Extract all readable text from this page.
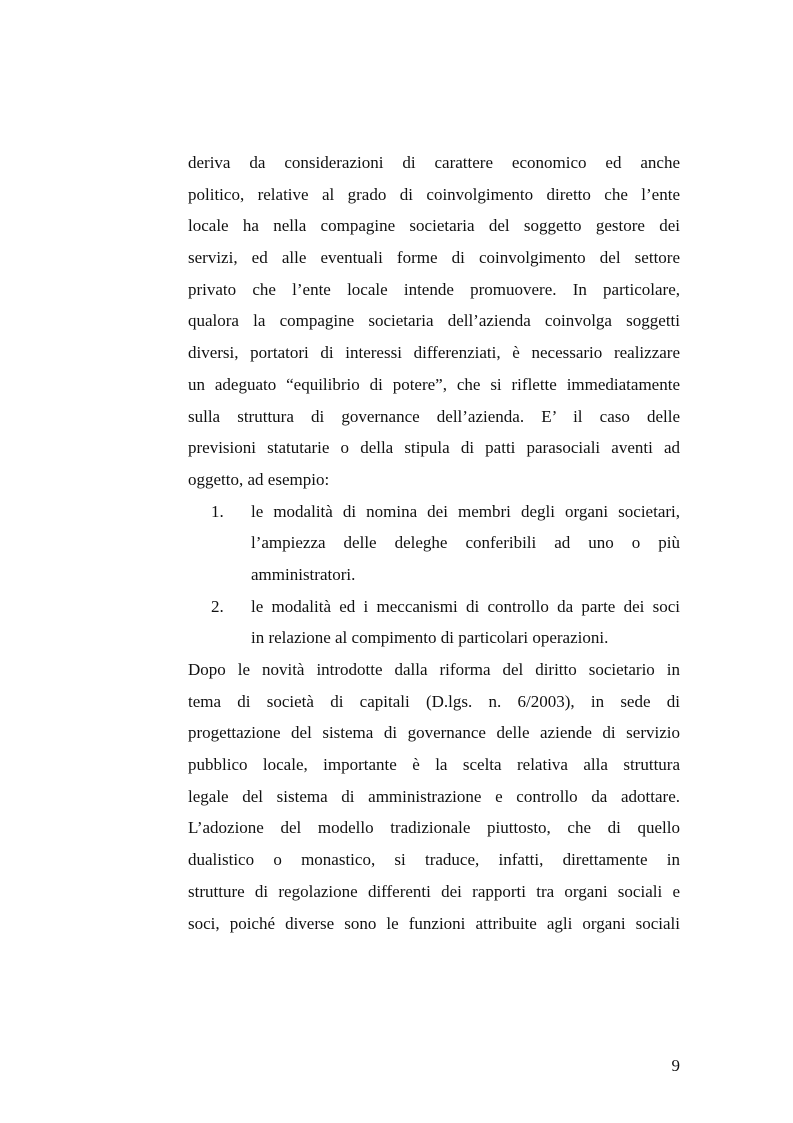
deriva da considerazioni di carattere economico ed anche
politico, relative al grado di coinvolgimento diretto che l’ente
locale ha nella compagine societaria del soggetto gestore dei
servizi, ed alle eventuali forme di coinvolgimento del settore
privato che l’ente locale intende promuovere. In particolare,
qualora la compagine societaria dell’azienda coinvolga soggetti
diversi, portatori di interessi differenziati, è necessario realizzare
un adeguato “equilibrio di potere”, che si riflette immediatamente
sulla struttura di governance dell’azienda. E’ il caso delle
previsioni statutarie o della stipula di patti parasociali aventi ad
oggetto, ad esempio:
1. le modalità di nomina dei membri degli organi societari,
l’ampiezza delle deleghe conferibili ad uno o più
amministratori.
2. le modalità ed i meccanismi di controllo da parte dei soci
in relazione al compimento di particolari operazioni.
Dopo le novità introdotte dalla riforma del diritto societario in
tema di società di capitali (D.lgs. n. 6/2003), in sede di
progettazione del sistema di governance delle aziende di servizio
pubblico locale, importante è la scelta relativa alla struttura
legale del sistema di amministrazione e controllo da adottare.
L’adozione del modello tradizionale piuttosto, che di quello
dualistico o monastico, si traduce, infatti, direttamente in
strutture di regolazione differenti dei rapporti tra organi sociali e
soci, poiché diverse sono le funzioni attribuite agli organi sociali
9
